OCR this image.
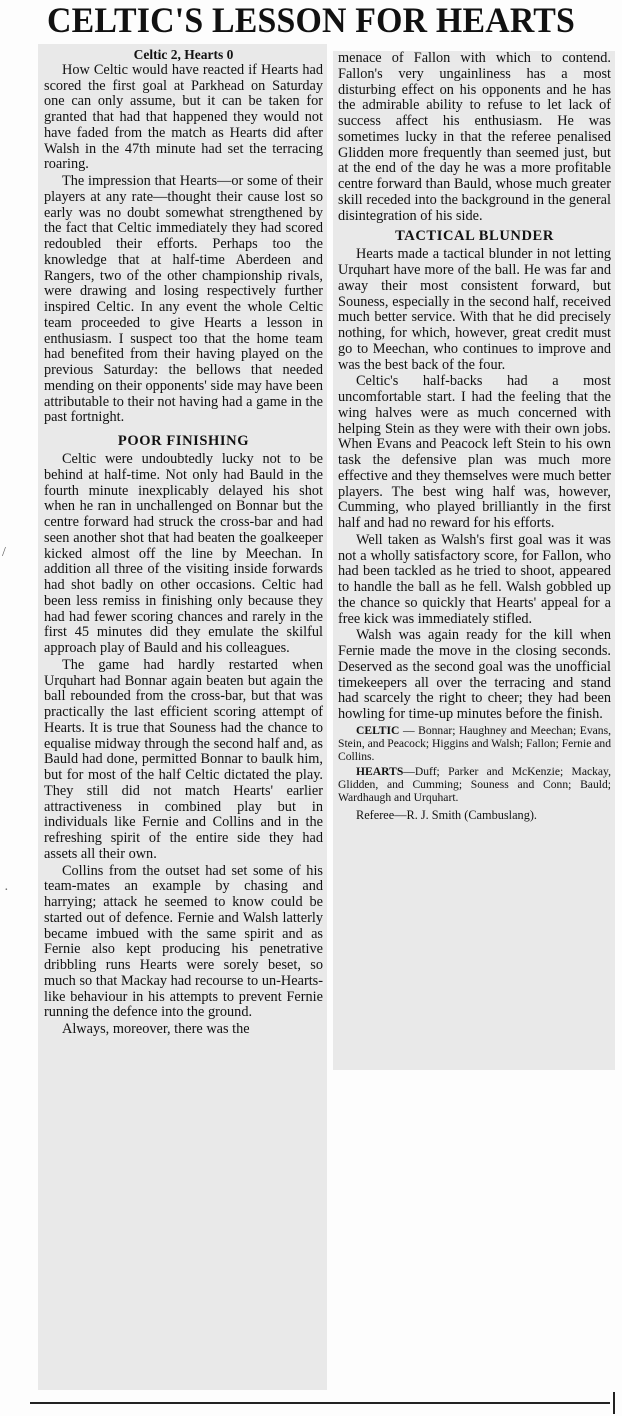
CELTIC'S LESSON FOR HEARTS

Celtic 2, Hearts 0

How Celtic would have reacted if Hearts had scored the first goal at Parkhead on Saturday one can only assume, but it can be taken for granted that had that happened they would not have faded from the match as Hearts did after Walsh in the 47th minute had set the terracing roaring.

The impression that Hearts—or some of their players at any rate—thought their cause lost so early was no doubt somewhat strengthened by the fact that Celtic immediately they had scored redoubled their efforts. Perhaps too the knowledge that at half-time Aberdeen and Rangers, two of the other championship rivals, were drawing and losing respectively further inspired Celtic. In any event the whole Celtic team proceeded to give Hearts a lesson in enthusiasm. I suspect too that the home team had benefited from their having played on the previous Saturday: the bellows that needed mending on their opponents' side may have been attributable to their not having had a game in the past fortnight.

POOR FINISHING

Celtic were undoubtedly lucky not to be behind at half-time. Not only had Bauld in the fourth minute inexplicably delayed his shot when he ran in unchallenged on Bonnar but the centre forward had struck the cross-bar and had seen another shot that had beaten the goalkeeper kicked almost off the line by Meechan. In addition all three of the visiting inside forwards had shot badly on other occasions. Celtic had been less remiss in finishing only because they had had fewer scoring chances and rarely in the first 45 minutes did they emulate the skilful approach play of Bauld and his colleagues.

The game had hardly restarted when Urquhart had Bonnar again beaten but again the ball rebounded from the cross-bar, but that was practically the last efficient scoring attempt of Hearts. It is true that Souness had the chance to equalise midway through the second half and, as Bauld had done, permitted Bonnar to baulk him, but for most of the half Celtic dictated the play. They still did not match Hearts' earlier attractiveness in combined play but in individuals like Fernie and Collins and in the refreshing spirit of the entire side they had assets all their own.

Collins from the outset had set some of his team-mates an example by chasing and harrying; attack he seemed to know could be started out of defence. Fernie and Walsh latterly became imbued with the same spirit and as Fernie also kept producing his penetrative dribbling runs Hearts were sorely beset, so much so that Mackay had recourse to un-Hearts-like behaviour in his attempts to prevent Fernie running the defence into the ground.

Always, moreover, there was the

menace of Fallon with which to contend. Fallon's very ungainliness has a most disturbing effect on his opponents and he has the admirable ability to refuse to let lack of success affect his enthusiasm. He was sometimes lucky in that the referee penalised Glidden more frequently than seemed just, but at the end of the day he was a more profitable centre forward than Bauld, whose much greater skill receded into the background in the general disintegration of his side.

TACTICAL BLUNDER

Hearts made a tactical blunder in not letting Urquhart have more of the ball. He was far and away their most consistent forward, but Souness, especially in the second half, received much better service. With that he did precisely nothing, for which, however, great credit must go to Meechan, who continues to improve and was the best back of the four.

Celtic's half-backs had a most uncomfortable start. I had the feeling that the wing halves were as much concerned with helping Stein as they were with their own jobs. When Evans and Peacock left Stein to his own task the defensive plan was much more effective and they themselves were much better players. The best wing half was, however, Cumming, who played brilliantly in the first half and had no reward for his efforts.

Well taken as Walsh's first goal was it was not a wholly satisfactory score, for Fallon, who had been tackled as he tried to shoot, appeared to handle the ball as he fell. Walsh gobbled up the chance so quickly that Hearts' appeal for a free kick was immediately stifled.

Walsh was again ready for the kill when Fernie made the move in the closing seconds. Deserved as the second goal was the unofficial timekeepers all over the terracing and stand had scarcely the right to cheer; they had been howling for time-up minutes before the finish.

CELTIC — Bonnar; Haughney and Meechan; Evans, Stein, and Peacock; Higgins and Walsh; Fallon; Fernie and Collins.

HEARTS—Duff; Parker and McKenzie; Mackay, Glidden, and Cumming; Souness and Conn; Bauld; Wardhaugh and Urquhart.

Referee—R. J. Smith (Cambuslang).

/
·
